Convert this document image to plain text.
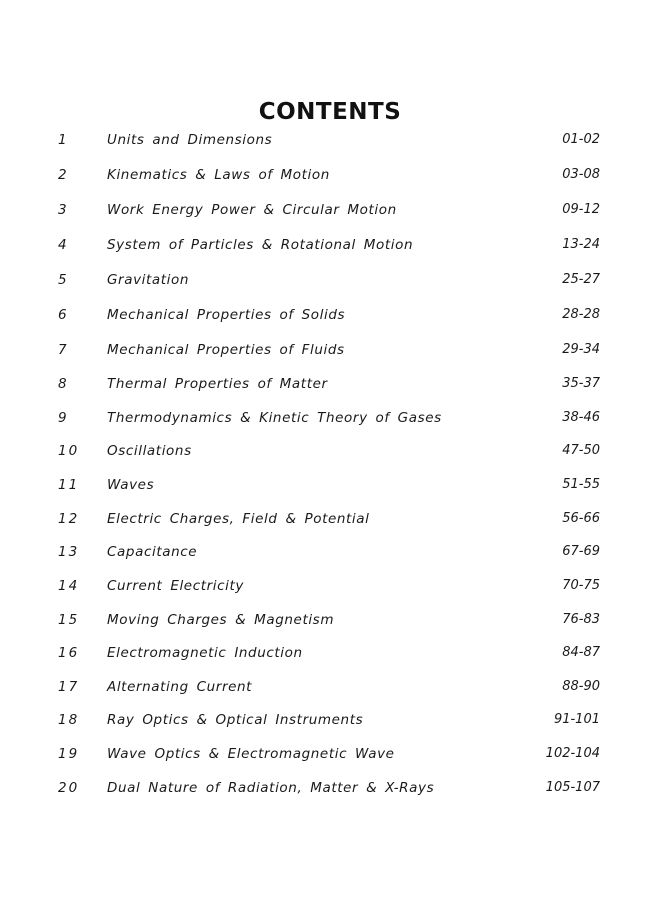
CONTENTS
1	Units and Dimensions	01-02
2	Kinematics & Laws of Motion	03-08
3	Work Energy Power & Circular Motion	09-12
4	System of Particles & Rotational Motion	13-24
5	Gravitation	25-27
6	Mechanical Properties of Solids	28-28
7	Mechanical Properties of Fluids	29-34
8	Thermal Properties of Matter	35-37
9	Thermodynamics & Kinetic Theory of Gases	38-46
10 Oscillations	47-50
11 Waves	51-55
12 Electric Charges, Field & Potential	56-66
13 Capacitance	67-69
14 Current Electricity	70-75
15 Moving Charges & Magnetism	76-83
16 Electromagnetic Induction	84-87
17 Alternating Current	88-90
18 Ray Optics & Optical Instruments	91-101
19 Wave Optics & Electromagnetic Wave	102-104
20 Dual Nature of Radiation, Matter & X-Rays	105-107
